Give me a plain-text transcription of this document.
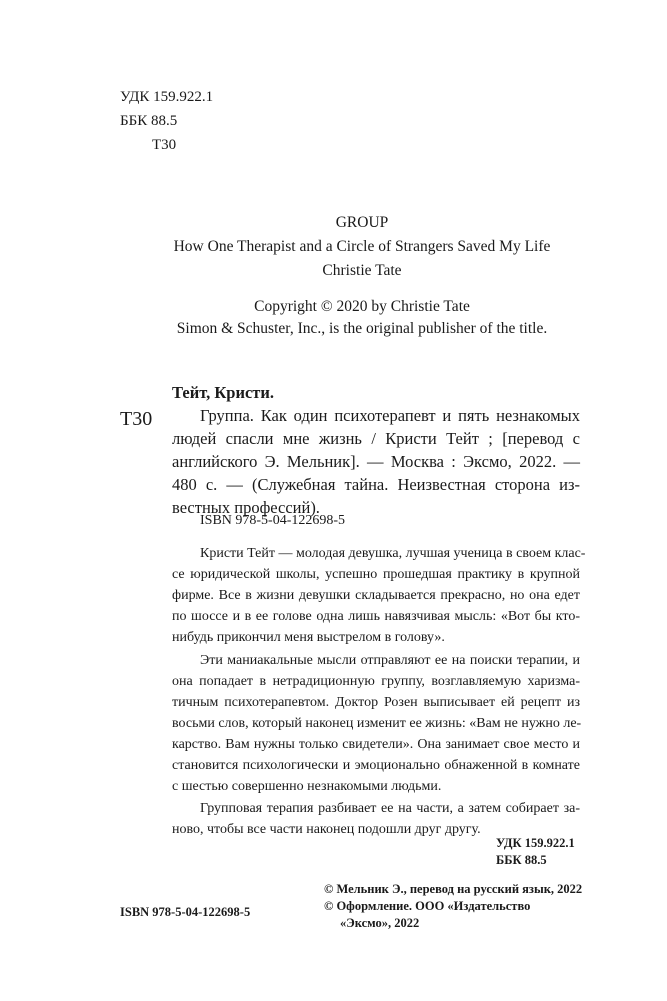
УДК 159.922.1
ББК 88.5
Т30
GROUP
How One Therapist and a Circle of Strangers Saved My Life
Christie Tate
Copyright © 2020 by Christie Tate
Simon & Schuster, Inc., is the original publisher of the title.
Тейт, Кристи.
Т30	Группа. Как один психотерапевт и пять незнакомых
людей спасли мне жизнь / Кристи Тейт ; [перевод с
английского Э. Мельник]. — Москва : Эксмо, 2022. —
480 с. — (Служебная тайна. Неизвестная сторона из-
вестных профессий).
ISBN 978-5-04-122698-5
Кристи Тейт — молодая девушка, лучшая ученица в своем клас-
се юридической школы, успешно прошедшая практику в крупной
фирме. Все в жизни девушки складывается прекрасно, но она едет
по шоссе и в ее голове одна лишь навязчивая мысль: «Вот бы кто-
нибудь прикончил меня выстрелом в голову».
Эти маниакальные мысли отправляют ее на поиски терапии, и
она попадает в нетрадиционную группу, возглавляемую харизма-
тичным психотерапевтом. Доктор Розен выписывает ей рецепт из
восьми слов, который наконец изменит ее жизнь: «Вам не нужно ле-
карство. Вам нужны только свидетели». Она занимает свое место и
становится психологически и эмоционально обнаженной в комнате
с шестью совершенно незнакомыми людьми.
Групповая терапия разбивает ее на части, а затем собирает за-
ново, чтобы все части наконец подошли друг другу.
УДК 159.922.1
ББК 88.5
© Мельник Э., перевод на русский язык, 2022
© Оформление. ООО «Издательство
«Эксмо», 2022
ISBN 978-5-04-122698-5
